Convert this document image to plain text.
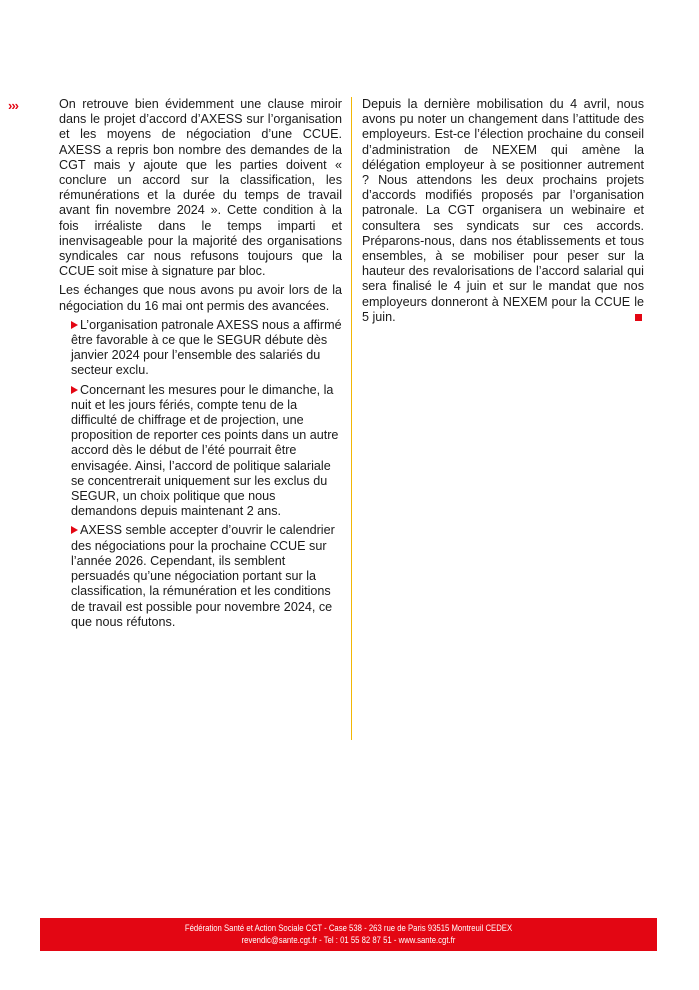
›››	On retrouve bien évidemment une clause miroir dans le projet d’accord d’AXESS sur l’organisation et les moyens de négociation d’une CCUE. AXESS a repris bon nombre des demandes de la CGT mais y ajoute que les parties doivent « conclure un accord sur la classification, les rémunérations et la durée du temps de travail avant fin novembre 2024 ». Cette condition à la fois irréaliste dans le temps imparti et inenvisageable pour la majorité des organisations syndicales car nous refusons toujours que la CCUE soit mise à signature par bloc.

Les échanges que nous avons pu avoir lors de la négociation du 16 mai ont permis des avancées.

L’organisation patronale AXESS nous a affirmé être favorable à ce que le SEGUR débute dès janvier 2024 pour l’ensemble des salariés du secteur exclu.
Concernant les mesures pour le dimanche, la nuit et les jours fériés, compte tenu de la difficulté de chiffrage et de projection, une proposition de reporter ces points dans un autre accord dès le début de l’été pourrait être envisagée. Ainsi, l’accord de politique salariale se concentrerait uniquement sur les exclus du SEGUR, un choix politique que nous demandons depuis maintenant 2 ans.
AXESS semble accepter d’ouvrir le calendrier des négociations pour la prochaine CCUE sur l’année 2026. Cependant, ils semblent persuadés qu’une négociation portant sur la classification, la rémunération et les conditions de travail est possible pour novembre 2024, ce que nous réfutons.

Depuis la dernière mobilisation du 4 avril, nous avons pu noter un changement dans l’attitude des employeurs. Est-ce l’élection prochaine du conseil d’administration de NEXEM qui amène la délégation employeur à se positionner autrement ? Nous attendons les deux prochains projets d’accords modifiés proposés par l’organisation patronale. La CGT organisera un webinaire et consultera ses syndicats sur ces accords. Préparons-nous, dans nos établissements et tous ensembles, à se mobiliser pour peser sur la hauteur des revalorisations de l’accord salarial qui sera finalisé le 4 juin et sur le mandat que nos employeurs donneront à NEXEM pour la CCUE le 5 juin.

Fédération Santé et Action Sociale CGT - Case 538 - 263 rue de Paris 93515 Montreuil CEDEX
revendic@sante.cgt.fr - Tel : 01 55 82 87 51 - www.sante.cgt.fr
